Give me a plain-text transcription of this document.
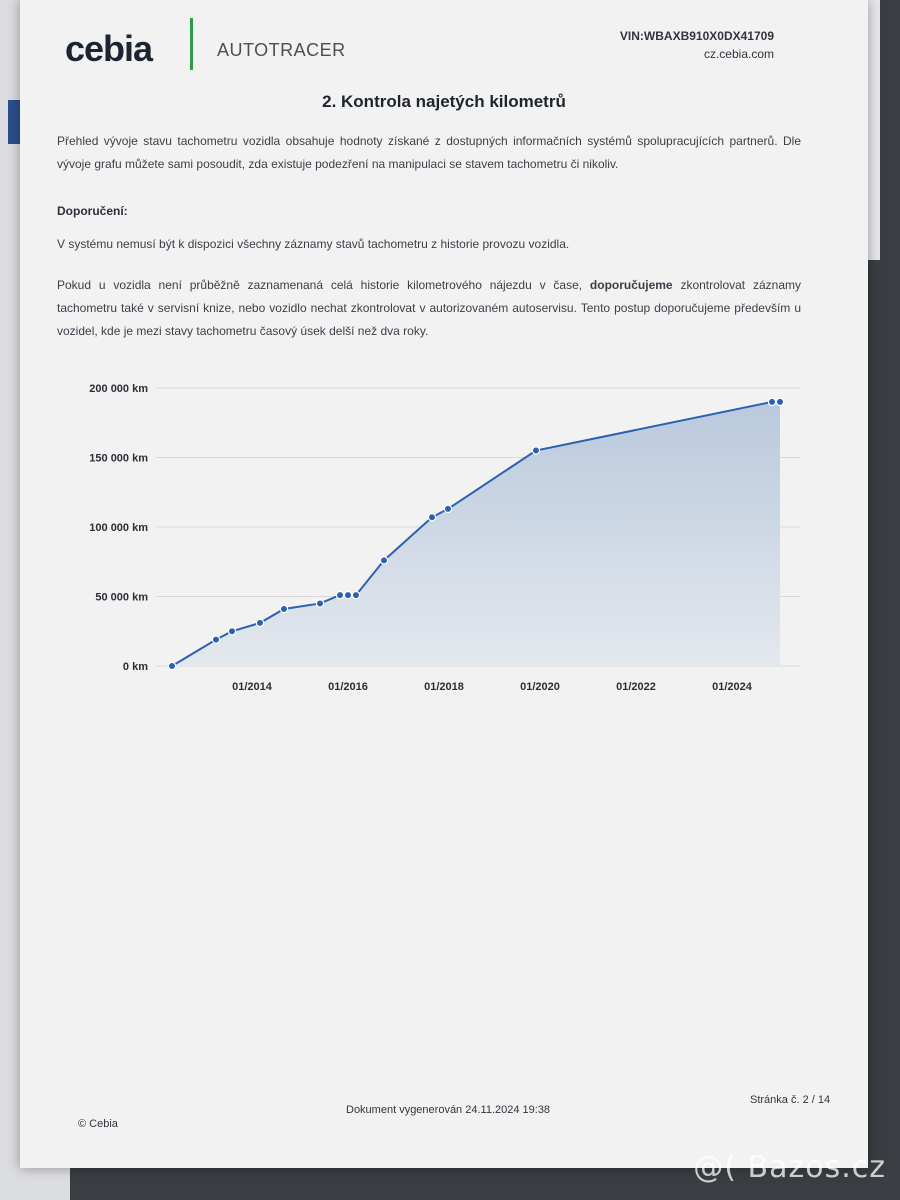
cebia	AUTOTRACER
VIN:WBAXB910X0DX41709
cz.cebia.com
2. Kontrola najetých kilometrů
Přehled vývoje stavu tachometru vozidla obsahuje hodnoty získané z dostupných informačních systémů spolupracujících partnerů. Dle vývoje grafu můžete sami posoudit, zda existuje podezření na manipulaci se stavem tachometru či nikoliv.
Doporučení:
V systému nemusí být k dispozici všechny záznamy stavů tachometru z historie provozu vozidla.
Pokud u vozidla není průběžně zaznamenaná celá historie kilometrového nájezdu v čase, doporučujeme zkontrolovat záznamy tachometru také v servisní knize, nebo vozidlo nechat zkontrolovat v autorizovaném autoservisu. Tento postup doporučujeme především u vozidel, kde je mezi stavy tachometru časový úsek delší než dva roky.
0 km
50 000 km
100 000 km
150 000 km
200 000 km
01/2014	01/2016	01/2018	01/2020	01/2022	01/2024
Dokument vygenerován 24.11.2024 19:38
Stránka č. 2 / 14
© Cebia
@( Bazos.cz
